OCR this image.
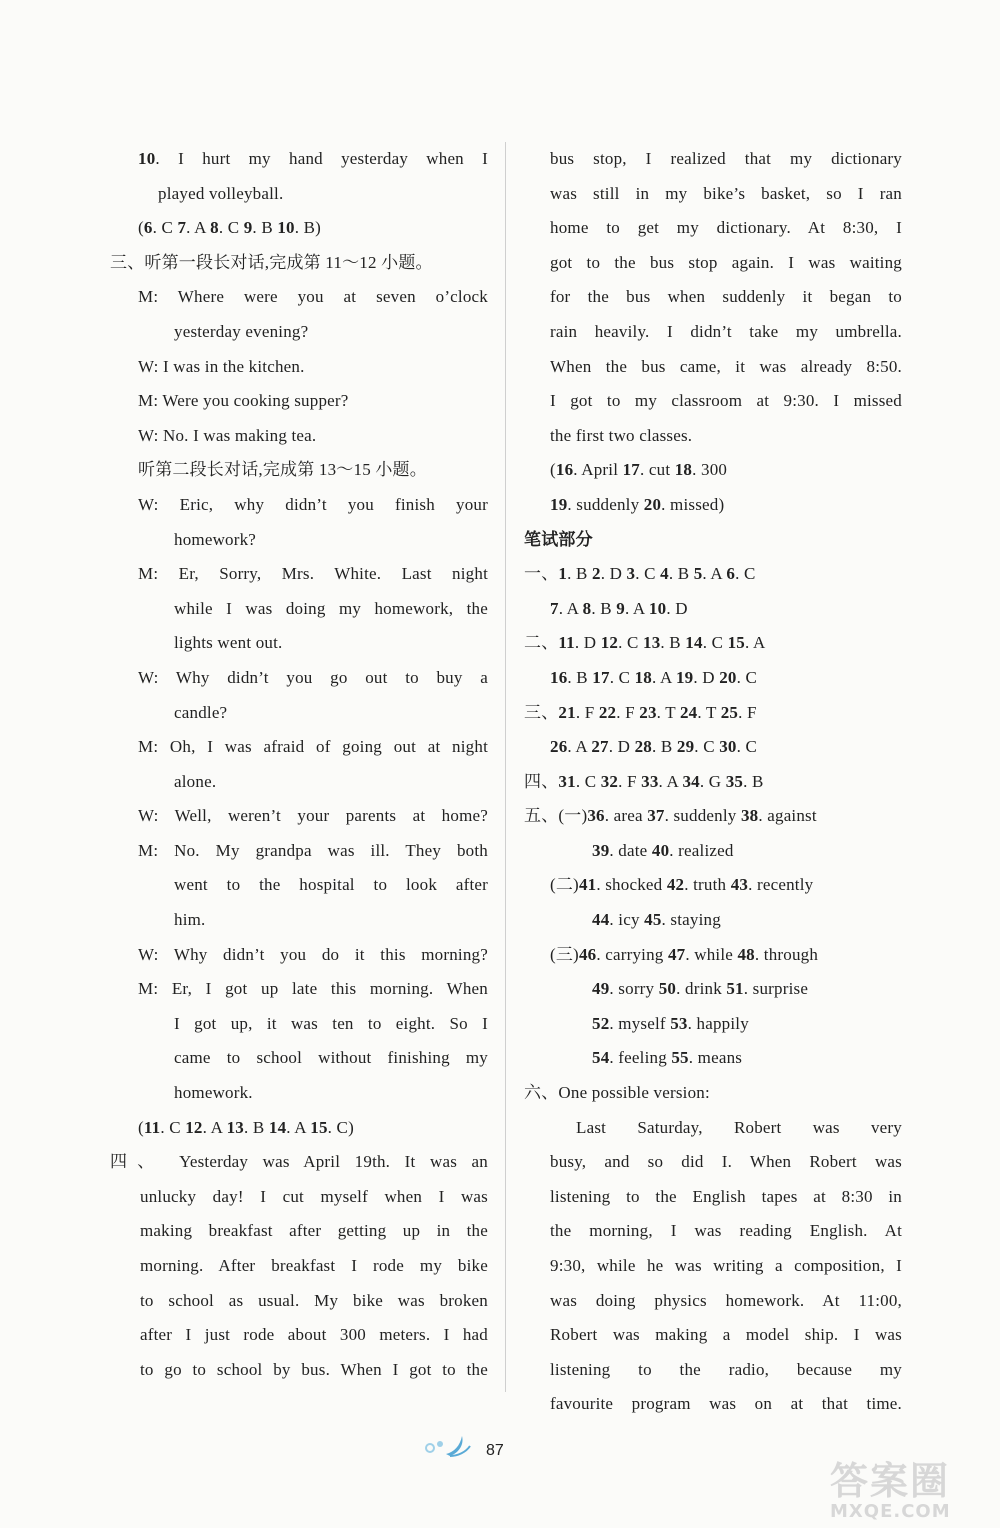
10. I hurt my hand yesterday when I
played volleyball.
(6. C 7. A 8. C 9. B 10. B)
三、听第一段长对话,完成第 11～12 小题。
M: Where were you at seven o’clock
yesterday evening?
W: I was in the kitchen.
M: Were you cooking supper?
W: No. I was making tea.
听第二段长对话,完成第 13～15 小题。
W: Eric, why didn’t you finish your
homework?
M: Er, Sorry, Mrs. White. Last night
while I was doing my homework, the
lights went out.
W: Why didn’t you go out to buy a
candle?
M: Oh, I was afraid of going out at night
alone.
W: Well, weren’t your parents at home?
M: No. My grandpa was ill. They both
went to the hospital to look after
him.
W: Why didn’t you do it this morning?
M: Er, I got up late this morning. When
I got up, it was ten to eight. So I
came to school without finishing my
homework.
(11. C 12. A 13. B 14. A 15. C)
四、 Yesterday was April 19th. It was an
unlucky day! I cut myself when I was
making breakfast after getting up in the
morning. After breakfast I rode my bike
to school as usual. My bike was broken
after I just rode about 300 meters. I had
to go to school by bus. When I got to the
bus stop, I realized that my dictionary
was still in my bike’s basket, so I ran
home to get my dictionary. At 8:30, I
got to the bus stop again. I was waiting
for the bus when suddenly it began to
rain heavily. I didn’t take my umbrella.
When the bus came, it was already 8:50.
I got to my classroom at 9:30. I missed
the first two classes.
(16. April 17. cut 18. 300
19. suddenly 20. missed)
笔试部分
一、1. B 2. D 3. C 4. B 5. A 6. C
7. A 8. B 9. A 10. D
二、11. D 12. C 13. B 14. C 15. A
16. B 17. C 18. A 19. D 20. C
三、21. F 22. F 23. T 24. T 25. F
26. A 27. D 28. B 29. C 30. C
四、31. C 32. F 33. A 34. G 35. B
五、(一)36. area 37. suddenly 38. against
39. date 40. realized
(二)41. shocked 42. truth 43. recently
44. icy 45. staying
(三)46. carrying 47. while 48. through
49. sorry 50. drink 51. surprise
52. myself 53. happily
54. feeling 55. means
六、One possible version:
Last Saturday, Robert was very
busy, and so did I. When Robert was
listening to the English tapes at 8:30 in
the morning, I was reading English. At
9:30, while he was writing a composition, I
was doing physics homework. At 11:00,
Robert was making a model ship. I was
listening to the radio, because my
favourite program was on at that time.
87
答案圈
MXQE.COM
